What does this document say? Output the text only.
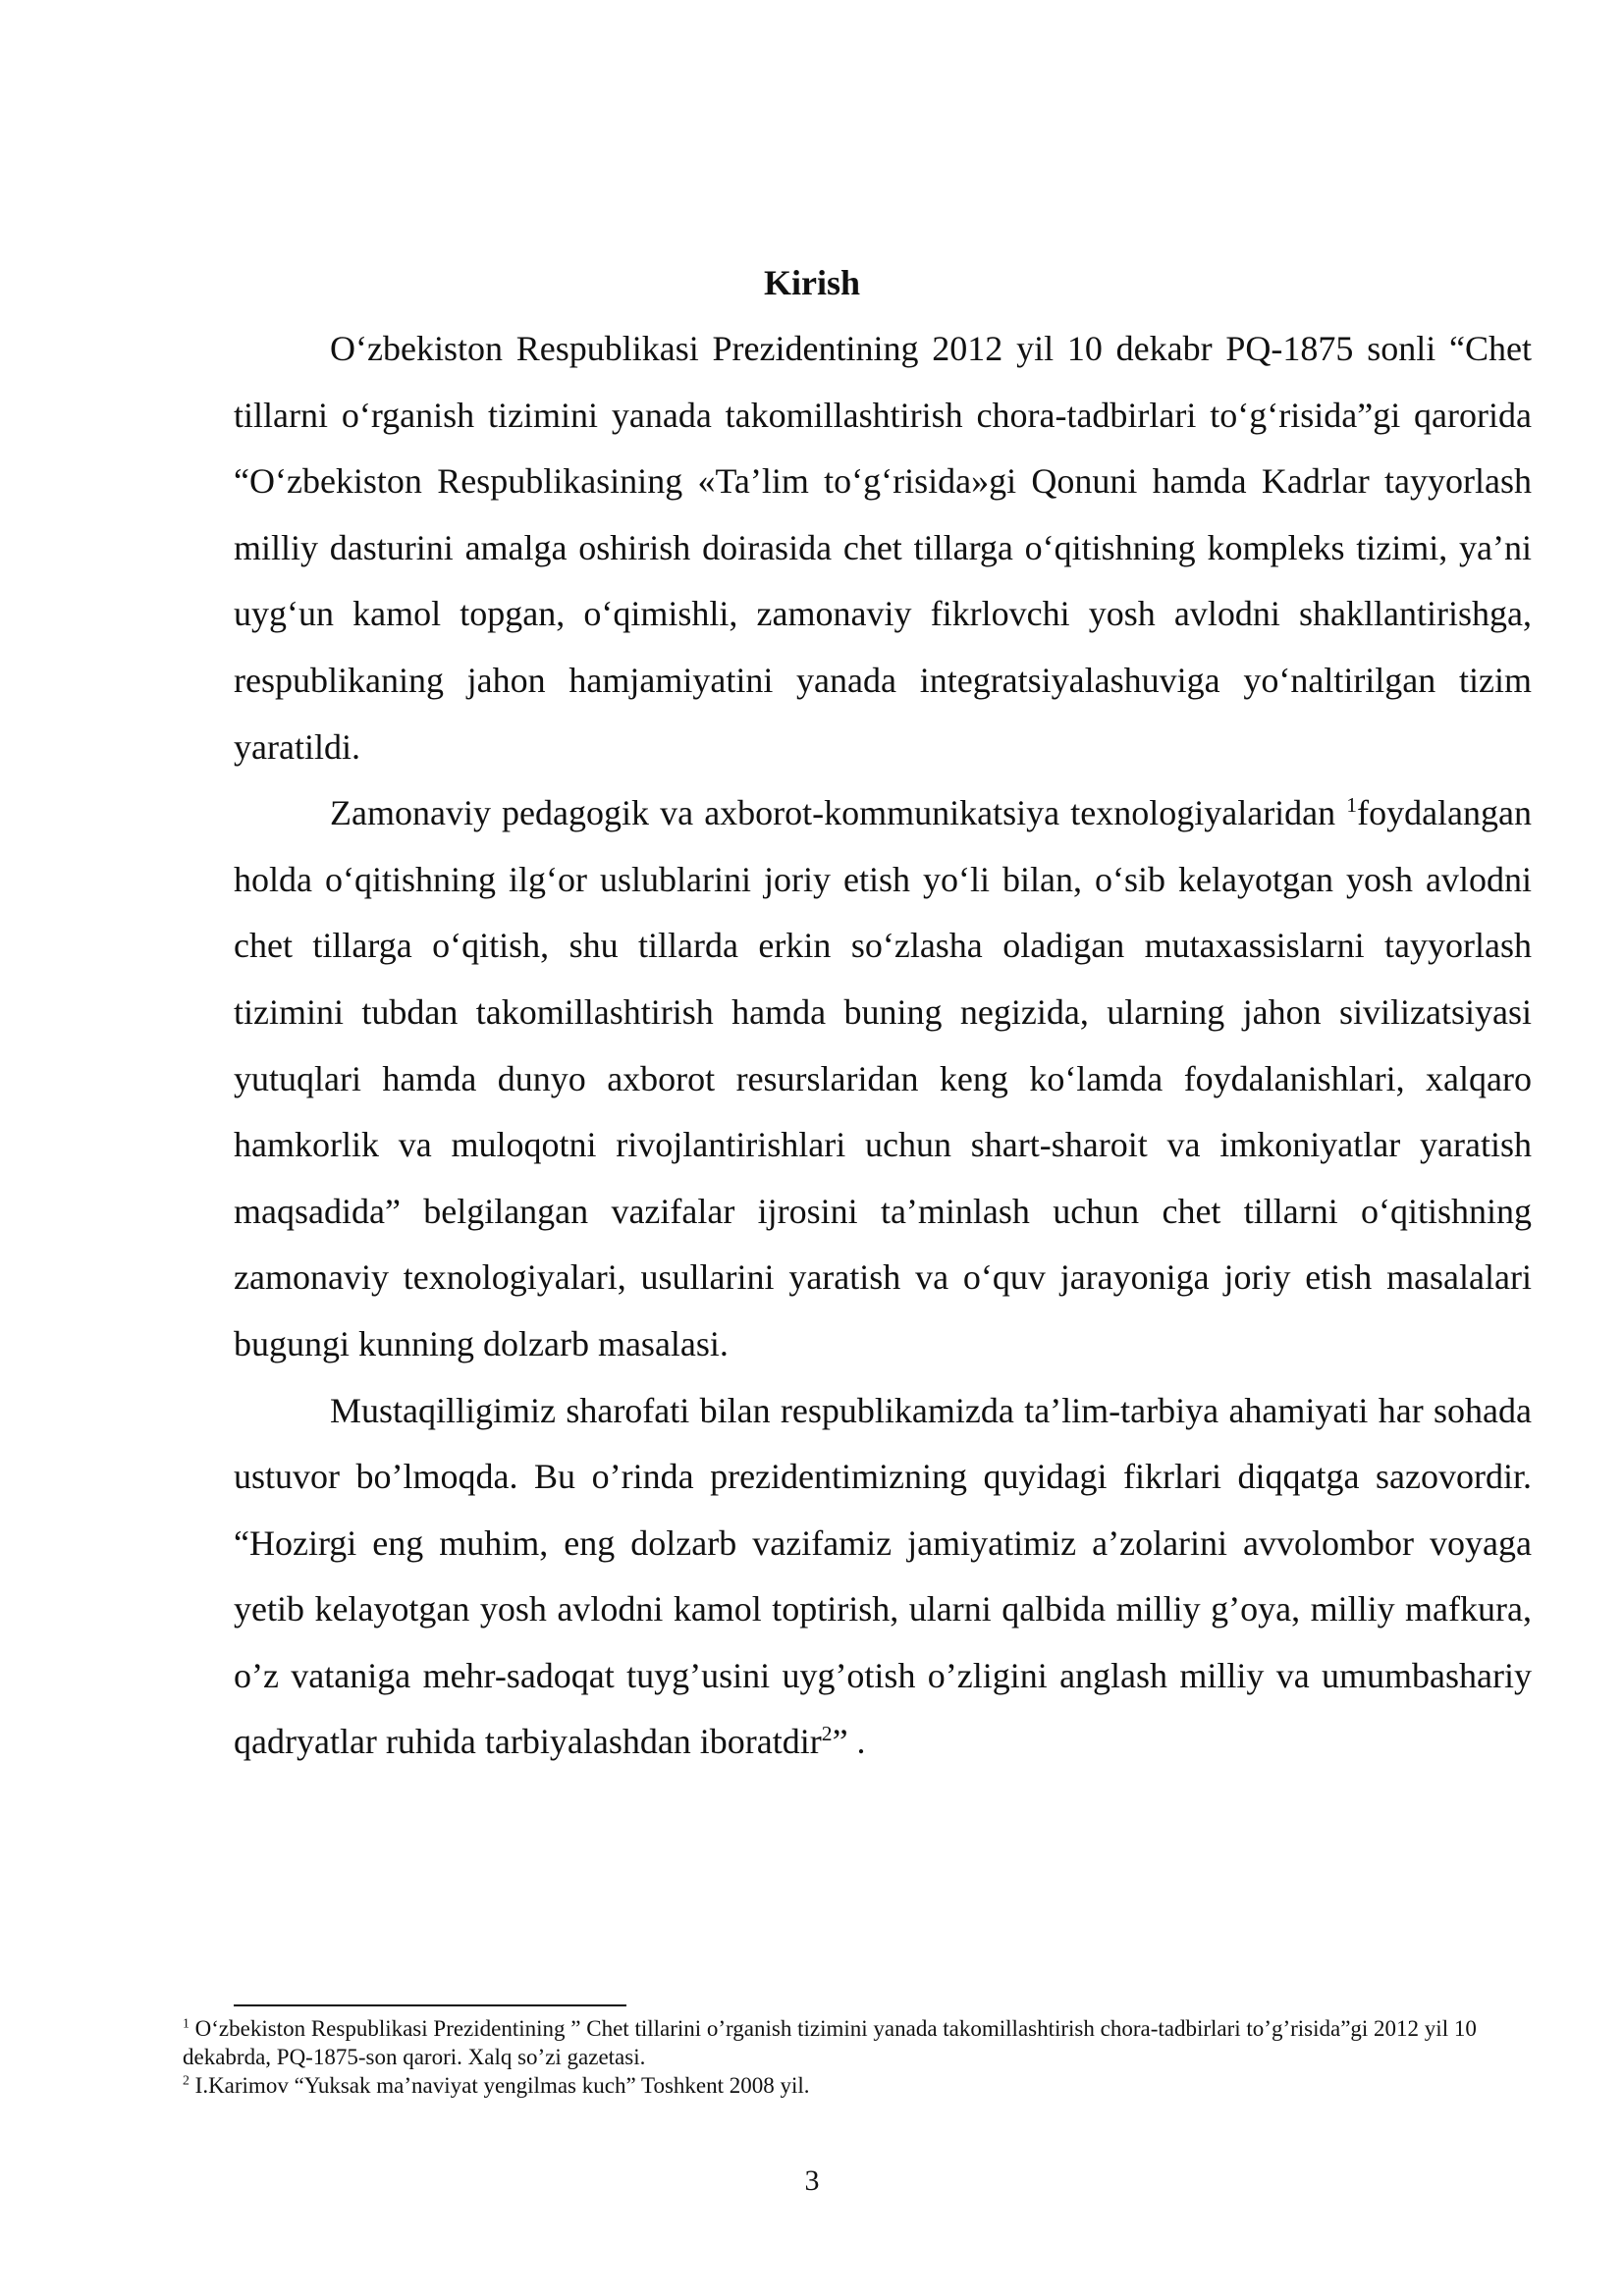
Kirish

O‘zbekiston Respublikasi Prezidentining 2012 yil 10 dekabr PQ-1875 sonli “Chet tillarni o‘rganish tizimini yanada takomillashtirish chora-tadbirlari to‘g‘risida”gi qarorida “O‘zbekiston Respublikasining «Ta’lim to‘g‘risida»gi Qonuni hamda Kadrlar tayyorlash milliy dasturini amalga oshirish doirasida chet tillarga o‘qitishning kompleks tizimi, ya’ni uyg‘un kamol topgan, o‘qimishli, zamonaviy fikrlovchi yosh avlodni shakllantirishga, respublikaning jahon hamjamiyatini yanada integratsiyalashuviga yo‘naltirilgan tizim yaratildi.

Zamonaviy pedagogik va axborot-kommunikatsiya texnologiyalaridan $^1$foydalangan holda o‘qitishning ilg‘or uslublarini joriy etish yo‘li bilan, o‘sib kelayotgan yosh avlodni chet tillarga o‘qitish, shu tillarda erkin so‘zlasha oladigan mutaxassislarni tayyorlash tizimini tubdan takomillashtirish hamda buning negizida, ularning jahon sivilizatsiyasi yutuqlari hamda dunyo axborot resurslaridan keng ko‘lamda foydalanishlari, xalqaro hamkorlik va muloqotni rivojlantirishlari uchun shart-sharoit va imkoniyatlar yaratish maqsadida” belgilangan vazifalar ijrosini ta’minlash uchun chet tillarni o‘qitishning zamonaviy texnologiyalari, usullarini yaratish va o‘quv jarayoniga joriy etish masalalari bugungi kunning dolzarb masalasi.

Mustaqilligimiz sharofati bilan respublikamizda ta’lim-tarbiya ahamiyati har sohada ustuvor bo’lmoqda. Bu o’rinda prezidentimizning quyidagi fikrlari diqqatga sazovordir. “Hozirgi eng muhim, eng dolzarb vazifamiz jamiyatimiz a’zolarini avvolombor voyaga yetib kelayotgan yosh avlodni kamol toptirish, ularni qalbida milliy g’oya, milliy mafkura, o’z vataniga mehr-sadoqat tuyg’usini uyg’otish o’zligini anglash milliy va umumbashariy qadryatlar ruhida tarbiyalashdan iboratdir$^2$” .

$^1$ O‘zbekiston Respublikasi Prezidentining ” Chet tillarini o’rganish tizimini yanada takomillashtirish chora-tadbirlari to’g’risida”gi 2012 yil 10 dekabrda, PQ-1875-son qarori. Xalq so’zi gazetasi.

$^2$ I.Karimov “Yuksak ma’naviyat yengilmas kuch” Toshkent 2008 yil.

3
